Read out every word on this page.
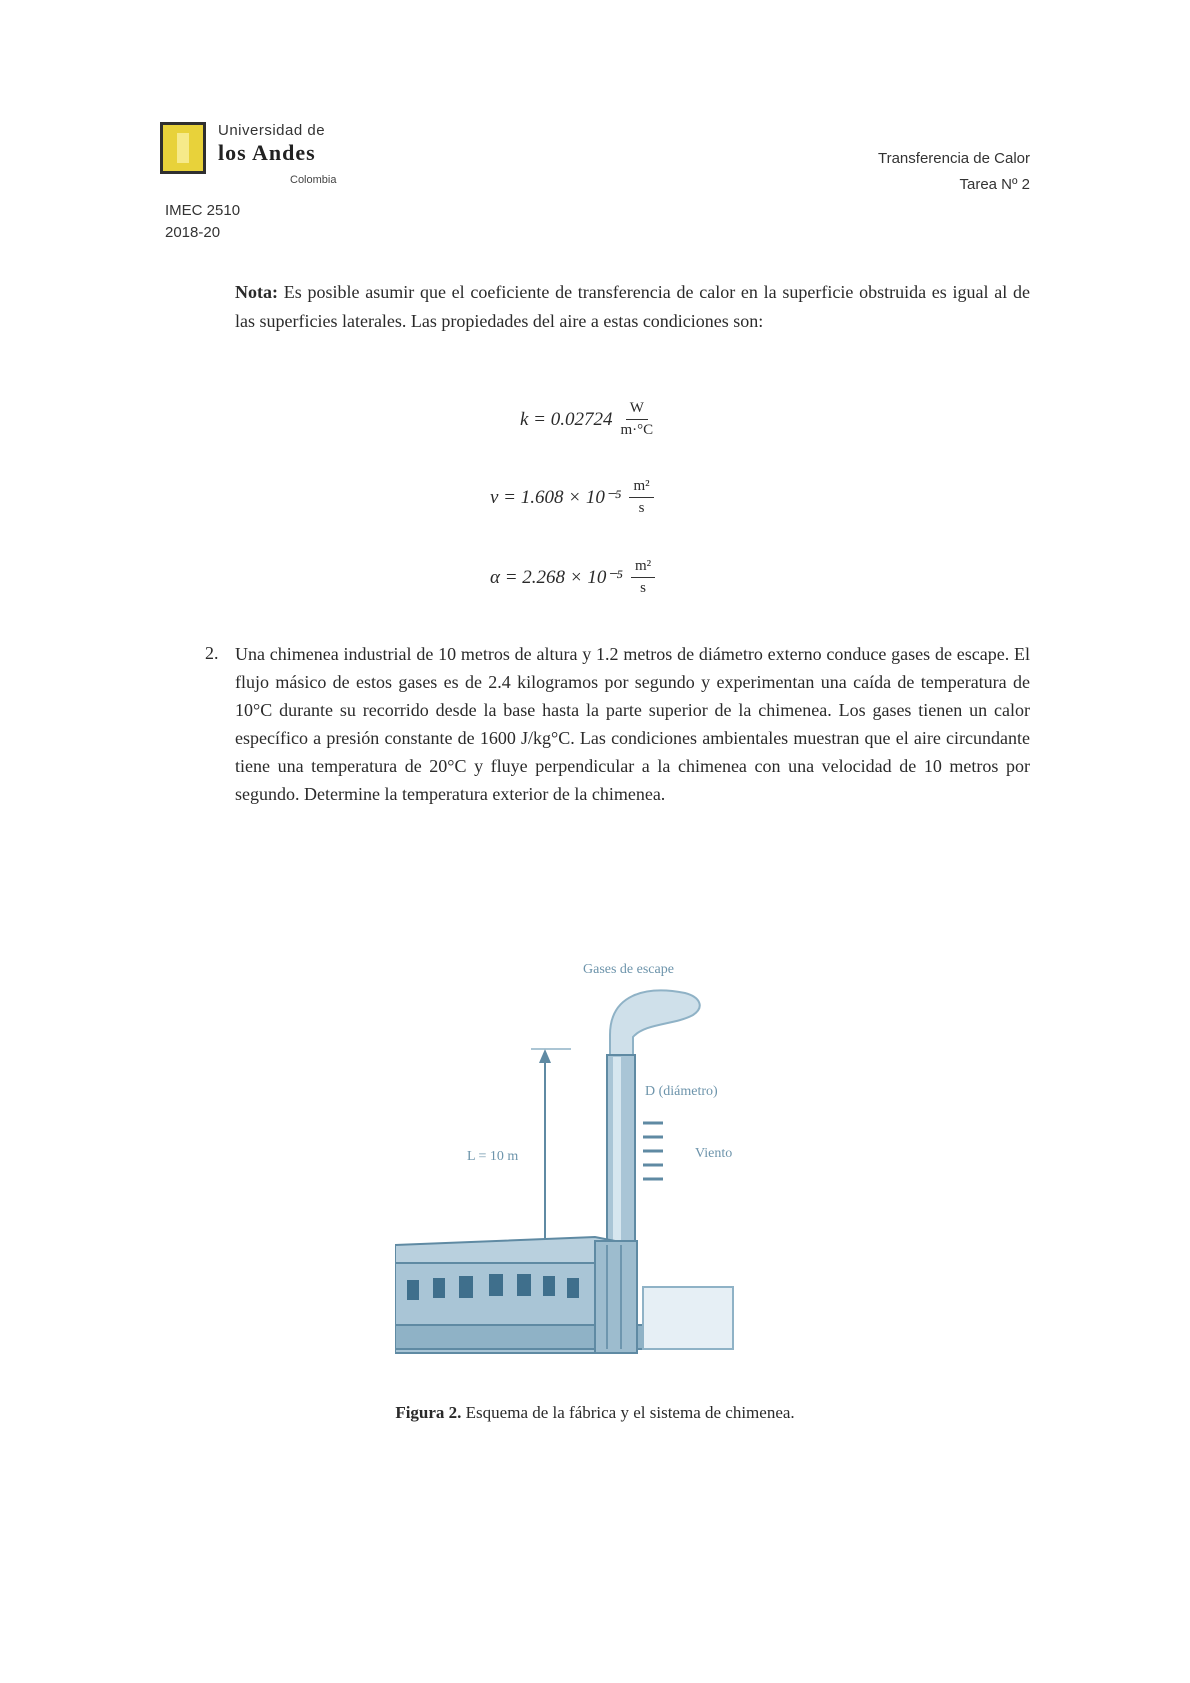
Universidad de
los Andes
Colombia
IMEC 2510
2018-20
Transferencia de Calor
Tarea Nº 2
Nota: Es posible asumir que el coeficiente de transferencia de calor en la superficie obstruida es igual al de las superficies laterales. Las propiedades del aire a estas condiciones son:
$k = 0.02724 \frac{W}{m\cdot^\circ C}$
$\nu = 1.608 \times 10^{-5} \frac{\text{m²}}{s}$
$\alpha = 2.268 \times 10^{-5} \frac{\text{m²}}{s}$
2. Una chimenea industrial de 10 metros de altura y 1.2 metros de diámetro externo conduce gases de escape. El flujo másico de estos gases es de 2.4 kilogramos por segundo y experimentan una caída de temperatura de 10°C durante su recorrido desde la base hasta la parte superior de la chimenea. Los gases tienen un calor específico a presión constante de 1600 J/kg°C. Las condiciones ambientales muestran que el aire circundante tiene una temperatura de 20°C y fluye perpendicular a la chimenea con una velocidad de 10 metros por segundo. Determine la temperatura exterior de la chimenea.
Gases de escape
D (diámetro)
L = 10 m	Viento
Figura 2. Esquema de la fábrica y el sistema de chimenea.
